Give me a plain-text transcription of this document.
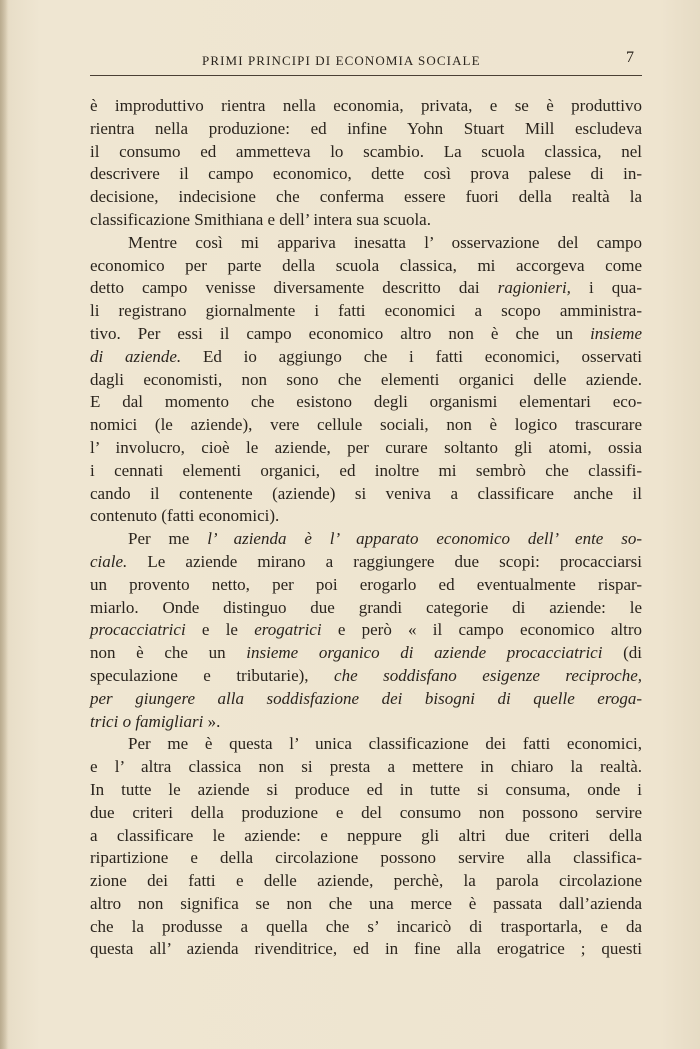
PRIMI PRINCIPI DI ECONOMIA SOCIALE	7
è improduttivo rientra nella economia, privata, e se è produttivo
rientra nella produzione: ed infine Yohn Stuart Mill escludeva
il consumo ed ammetteva lo scambio. La scuola classica, nel
descrivere il campo economico, dette così prova palese di in-
decisione, indecisione che conferma essere fuori della realtà la
classificazione Smithiana e dell’ intera sua scuola.
Mentre così mi appariva inesatta l’ osservazione del campo
economico per parte della scuola classica, mi accorgeva come
detto campo venisse diversamente descritto dai ragionieri, i qua-
li registrano giornalmente i fatti economici a scopo amministra-
tivo. Per essi il campo economico altro non è che un insieme
di aziende. Ed io aggiungo che i fatti economici, osservati
dagli economisti, non sono che elementi organici delle aziende.
E dal momento che esistono degli organismi elementari eco-
nomici (le aziende), vere cellule sociali, non è logico trascurare
l’ involucro, cioè le aziende, per curare soltanto gli atomi, ossia
i cennati elementi organici, ed inoltre mi sembrò che classifi-
cando il contenente (aziende) si veniva a classificare anche il
contenuto (fatti economici).
Per me l’ azienda è l’ apparato economico dell’ ente so-
ciale. Le aziende mirano a raggiungere due scopi: procacciarsi
un provento netto, per poi erogarlo ed eventualmente rispar-
miarlo. Onde distinguo due grandi categorie di aziende: le
procacciatrici e le erogatrici e però « il campo economico altro
non è che un insieme organico di aziende procacciatrici (di
speculazione e tributarie), che soddisfano esigenze reciproche,
per giungere alla soddisfazione dei bisogni di quelle eroga-
trici o famigliari ».
Per me è questa l’ unica classificazione dei fatti economici,
e l’ altra classica non si presta a mettere in chiaro la realtà.
In tutte le aziende si produce ed in tutte si consuma, onde i
due criteri della produzione e del consumo non possono servire
a classificare le aziende: e neppure gli altri due criteri della
ripartizione e della circolazione possono servire alla classifica-
zione dei fatti e delle aziende, perchè, la parola circolazione
altro non significa se non che una merce è passata dall’azienda
che la produsse a quella che s’ incaricò di trasportarla, e da
questa all’ azienda rivenditrice, ed in fine alla erogatrice ; questi
